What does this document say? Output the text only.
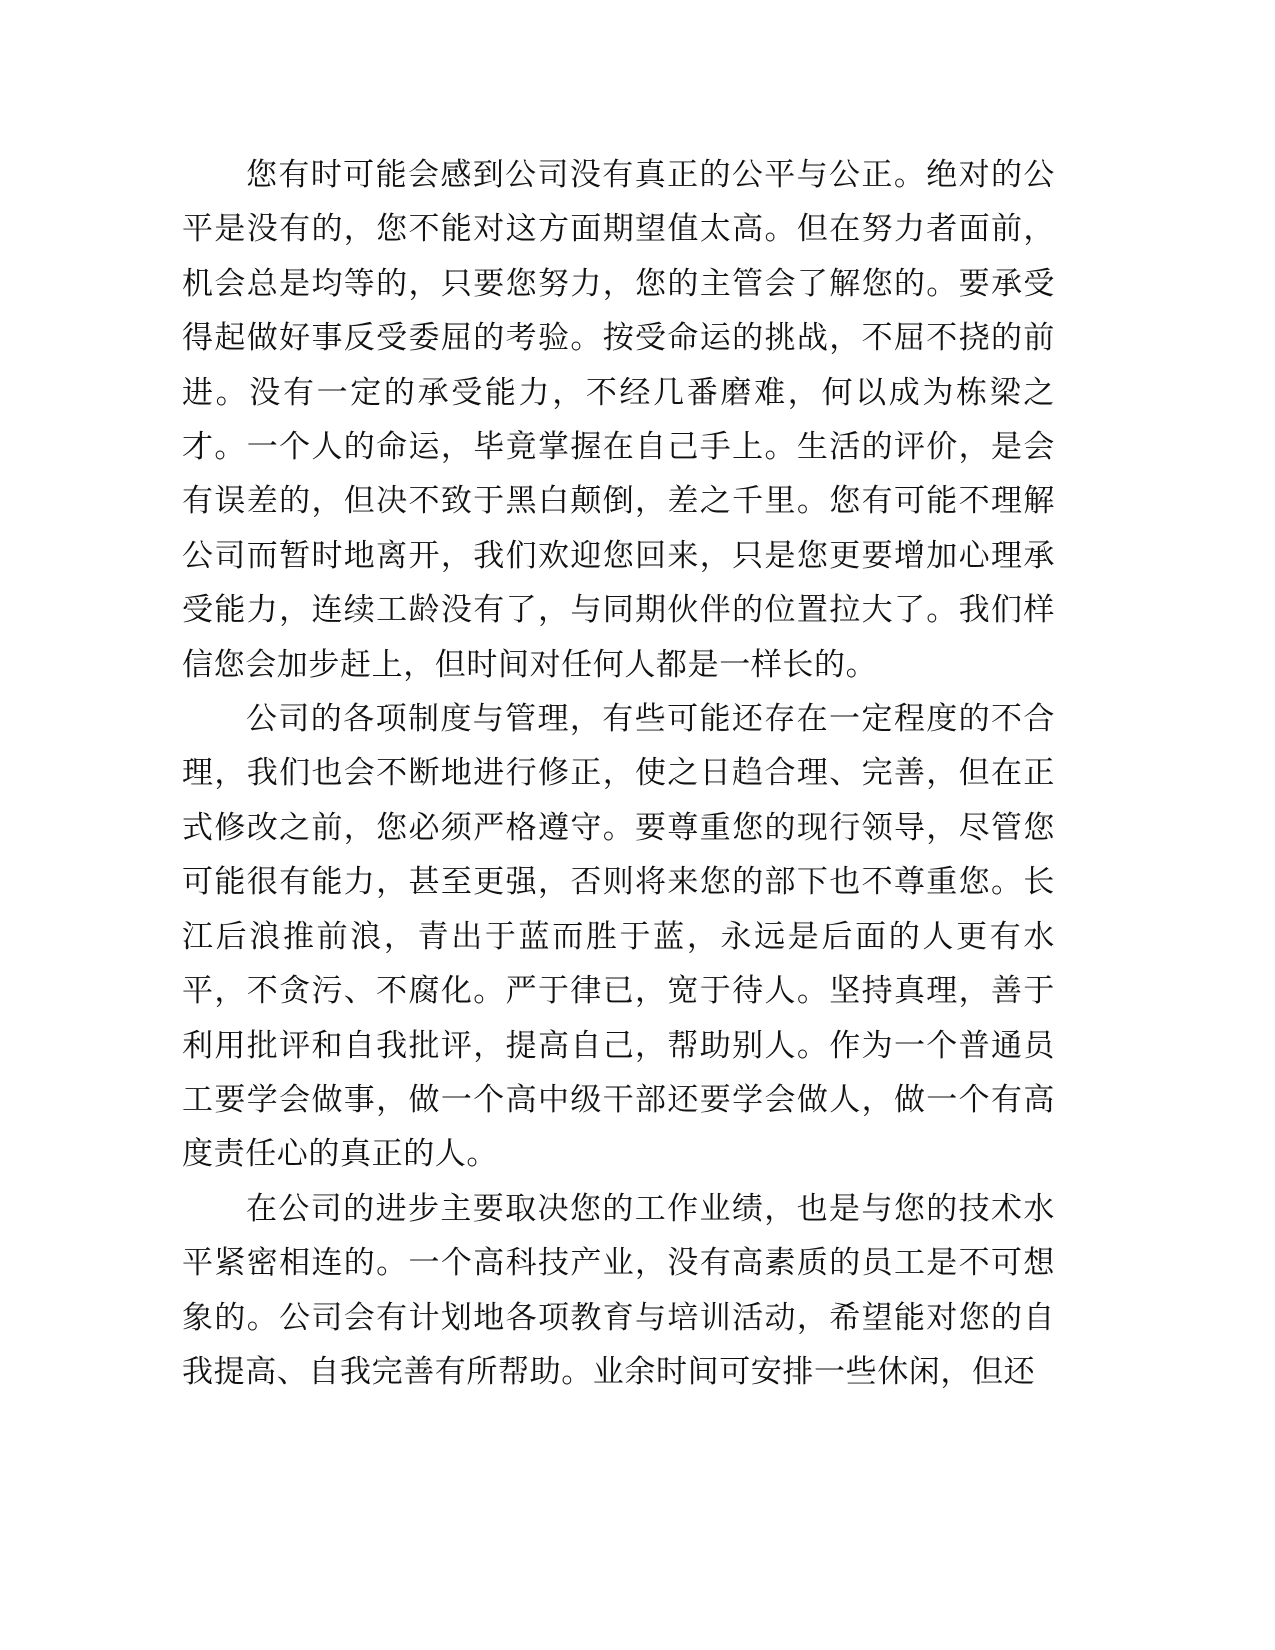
您有时可能会感到公司没有真正的公平与公正。绝对的公平是没有的，您不能对这方面期望值太高。但在努力者面前，机会总是均等的，只要您努力，您的主管会了解您的。要承受得起做好事反受委屈的考验。按受命运的挑战，不屈不挠的前进。没有一定的承受能力，不经几番磨难，何以成为栋梁之才。一个人的命运，毕竟掌握在自己手上。生活的评价，是会有误差的，但决不致于黑白颠倒，差之千里。您有可能不理解公司而暂时地离开，我们欢迎您回来，只是您更要增加心理承受能力，连续工龄没有了，与同期伙伴的位置拉大了。我们样信您会加步赶上，但时间对任何人都是一样长的。

公司的各项制度与管理，有些可能还存在一定程度的不合理，我们也会不断地进行修正，使之日趋合理、完善，但在正式修改之前，您必须严格遵守。要尊重您的现行领导，尽管您可能很有能力，甚至更强，否则将来您的部下也不尊重您。长江后浪推前浪，青出于蓝而胜于蓝，永远是后面的人更有水平，不贪污、不腐化。严于律已，宽于待人。坚持真理，善于利用批评和自我批评，提高自己，帮助别人。作为一个普通员工要学会做事，做一个高中级干部还要学会做人，做一个有高度责任心的真正的人。

在公司的进步主要取决您的工作业绩，也是与您的技术水平紧密相连的。一个高科技产业，没有高素质的员工是不可想象的。公司会有计划地各项教育与培训活动，希望能对您的自我提高、自我完善有所帮助。业余时间可安排一些休闲，但还
